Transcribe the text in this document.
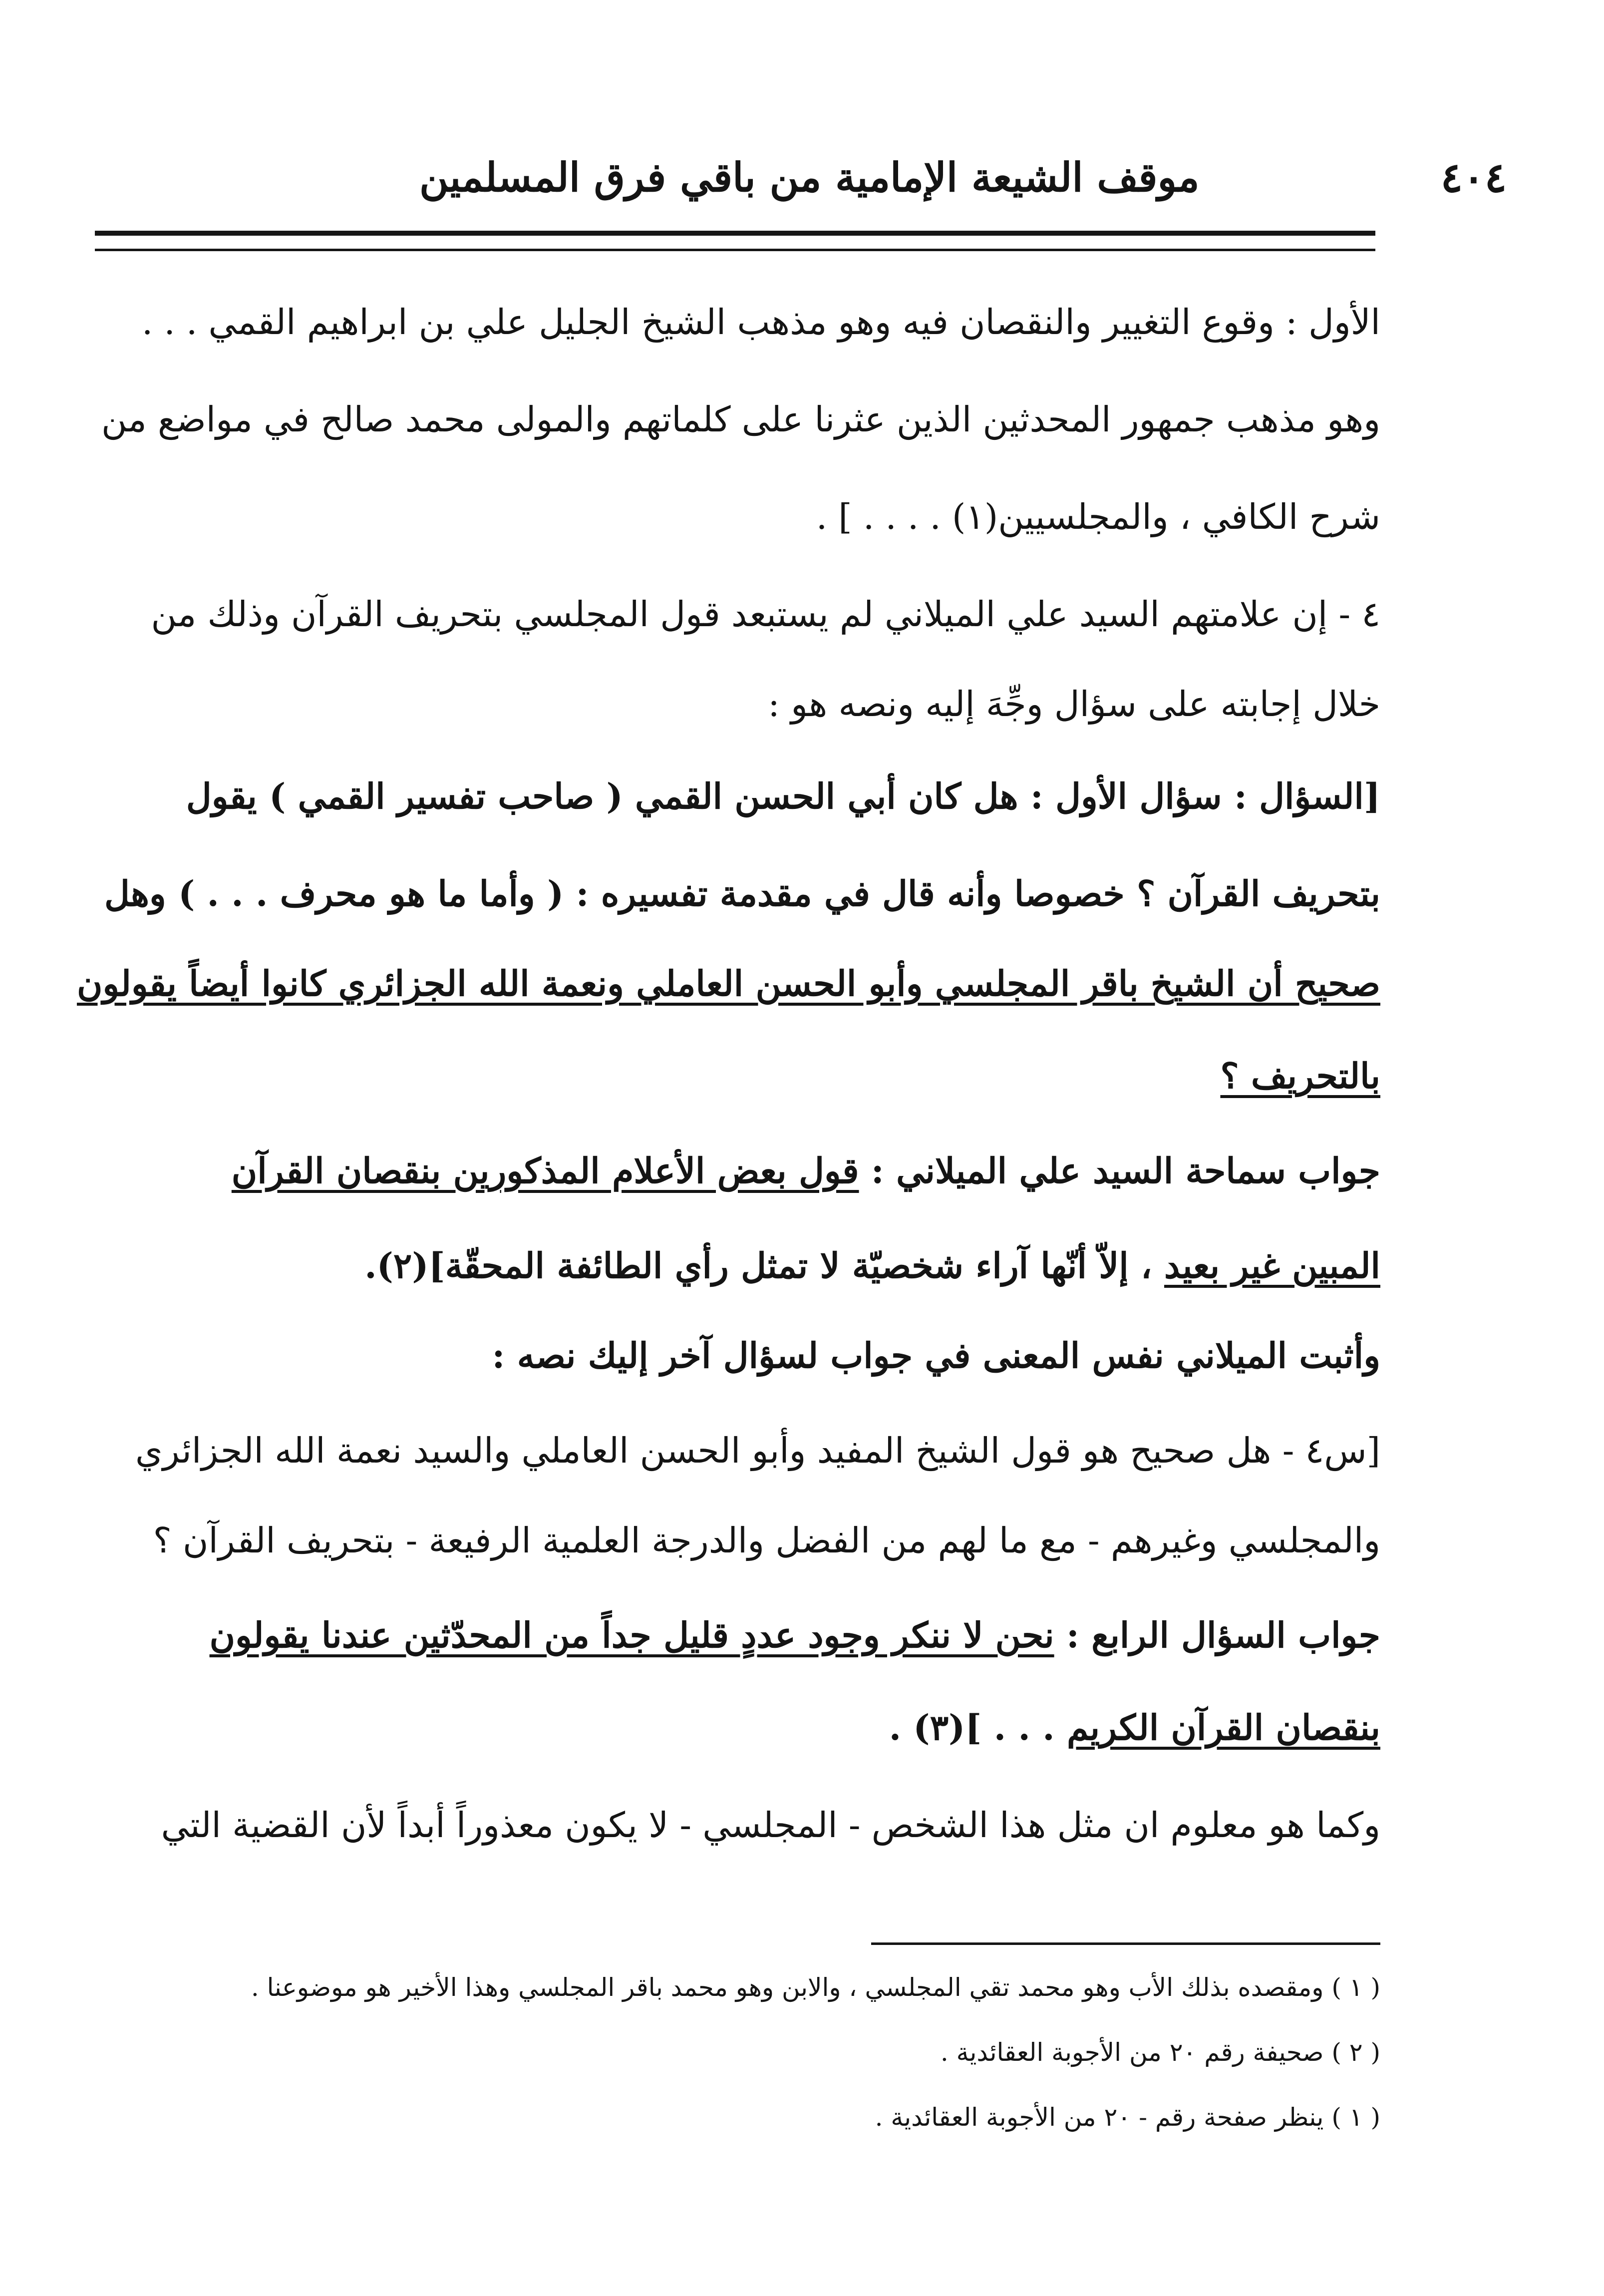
موقف الشيعة الإمامية من باقي فرق المسلمين	٤٠٤
الأول : وقوع التغيير والنقصان فيه وهو مذهب الشيخ الجليل علي بن ابراهيم القمي . . .
وهو مذهب جمهور المحدثين الذين عثرنا على كلماتهم والمولى محمد صالح في مواضع من
شرح الكافي ، والمجلسيين(١) . . . . ] .
٤ - إن علامتهم السيد علي الميلاني لم يستبعد قول المجلسي بتحريف القرآن وذلك من
خلال إجابته على سؤال وجِّهَ إليه ونصه هو :
[السؤال : سؤال الأول : هل كان أبي الحسن القمي ( صاحب تفسير القمي ) يقول
بتحريف القرآن ؟ خصوصا وأنه قال في مقدمة تفسيره : ( وأما ما هو محرف . . . ) وهل
صحيح أن الشيخ باقر المجلسي وأبو الحسن العاملي ونعمة الله الجزائري كانوا أيضاً يقولون
بالتحريف ؟
جواب سماحة السيد علي الميلاني : قول بعض الأعلام المذكورين بنقصان القرآن
المبين غير بعيد ، إلاّ أنّها آراء شخصيّة لا تمثل رأي الطائفة المحقّة](٢).
وأثبت الميلاني نفس المعنى في جواب لسؤال آخر إليك نصه :
[س٤ - هل صحيح هو قول الشيخ المفيد وأبو الحسن العاملي والسيد نعمة الله الجزائري
والمجلسي وغيرهم - مع ما لهم من الفضل والدرجة العلمية الرفيعة - بتحريف القرآن ؟
جواب السؤال الرابع : نحن لا ننكر وجود عددٍ قليل جداً من المحدّثين عندنا يقولون
بنقصان القرآن الكريم . . . ](٣) .
وكما هو معلوم ان مثل هذا الشخص - المجلسي - لا يكون معذوراً أبداً لأن القضية التي
( ١ ) ومقصده بذلك الأب وهو محمد تقي المجلسي ، والابن وهو محمد باقر المجلسي وهذا الأخير هو موضوعنا .
( ٢ ) صحيفة رقم ٢٠ من الأجوبة العقائدية .
( ١ ) ينظر صفحة رقم - ٢٠ من الأجوبة العقائدية .
